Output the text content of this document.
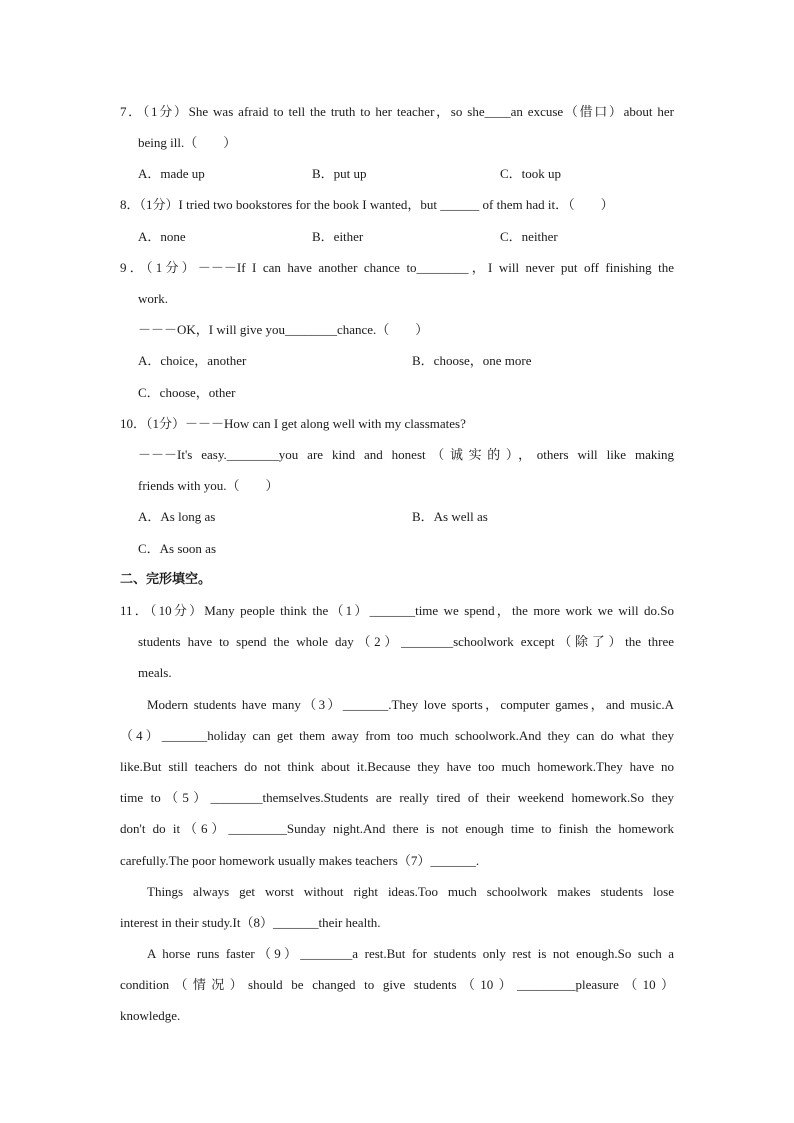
7．（1分）She was afraid to tell the truth to her teacher，so she____an excuse（借口）about her
being ill.（　　）
A．made up	B．put up	C．took up
8．（1分）I tried two bookstores for the book I wanted，but ______ of them had it．（　　）
A．none	B．either	C．neither
9．（1分）－－－If I can have another chance to________，I will never put off finishing the
work.
－－－OK，I will give you________chance.（　　）
A．choice，another	B．choose，one more
C．choose，other
10．（1分）－－－How can I get along well with my classmates?
－－－It's easy.________you are kind and honest（诚实的），others will like making
friends with you.（　　）
A．As long as	B．As well as
C．As soon as
二、完形填空。
11．（10分）Many people think the（1）_______time we spend，the more work we will do.So
students have to spend the whole day（2）________schoolwork except（除了）the three
meals.
Modern students have many（3）_______.They love sports，computer games，and music.A
（4）_______holiday can get them away from too much schoolwork.And they can do what they
like.But still teachers do not think about it.Because they have too much homework.They have no
time to（5）________themselves.Students are really tired of their weekend homework.So they
don't do it（6）_________Sunday night.And there is not enough time to finish the homework
carefully.The poor homework usually makes teachers（7）_______.
Things always get worst without right ideas.Too much schoolwork makes students lose
interest in their study.It（8）_______their health.
A horse runs faster（9）________a rest.But for students only rest is not enough.So such a
condition（情况）should be changed to give students（10）_________pleasure（10）
knowledge.
